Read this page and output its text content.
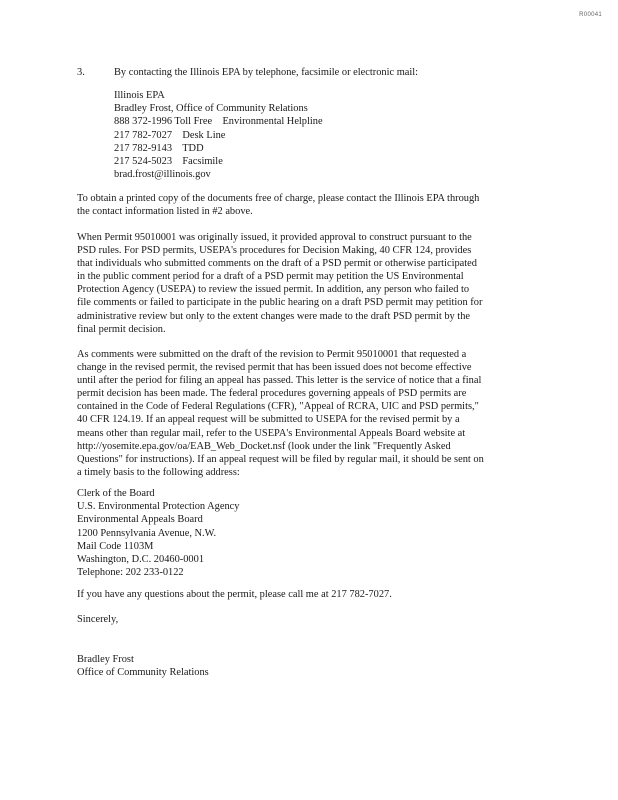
R00041
3.	By contacting the Illinois EPA by telephone, facsimile or electronic mail:
Illinois EPA
Bradley Frost, Office of Community Relations
888 372-1996 Toll Free    Environmental Helpline
217 782-7027    Desk Line
217 782-9143    TDD
217 524-5023    Facsimile
brad.frost@illinois.gov
To obtain a printed copy of the documents free of charge, please contact the Illinois EPA through
the contact information listed in #2 above.
When Permit 95010001 was originally issued, it provided approval to construct pursuant to the
PSD rules. For PSD permits, USEPA's procedures for Decision Making, 40 CFR 124, provides
that individuals who submitted comments on the draft of a PSD permit or otherwise participated
in the public comment period for a draft of a PSD permit may petition the US Environmental
Protection Agency (USEPA) to review the issued permit. In addition, any person who failed to
file comments or failed to participate in the public hearing on a draft PSD permit may petition for
administrative review but only to the extent changes were made to the draft PSD permit by the
final permit decision.
As comments were submitted on the draft of the revision to Permit 95010001 that requested a
change in the revised permit, the revised permit that has been issued does not become effective
until after the period for filing an appeal has passed. This letter is the service of notice that a final
permit decision has been made. The federal procedures governing appeals of PSD permits are
contained in the Code of Federal Regulations (CFR), "Appeal of RCRA, UIC and PSD permits,"
40 CFR 124.19. If an appeal request will be submitted to USEPA for the revised permit by a
means other than regular mail, refer to the USEPA's Environmental Appeals Board website at
http://yosemite.epa.gov/oa/EAB_Web_Docket.nsf (look under the link "Frequently Asked
Questions" for instructions). If an appeal request will be filed by regular mail, it should be sent on
a timely basis to the following address:
Clerk of the Board
U.S. Environmental Protection Agency
Environmental Appeals Board
1200 Pennsylvania Avenue, N.W.
Mail Code 1103M
Washington, D.C. 20460-0001
Telephone: 202 233-0122
If you have any questions about the permit, please call me at 217 782-7027.
Sincerely,
Bradley Frost
Office of Community Relations
